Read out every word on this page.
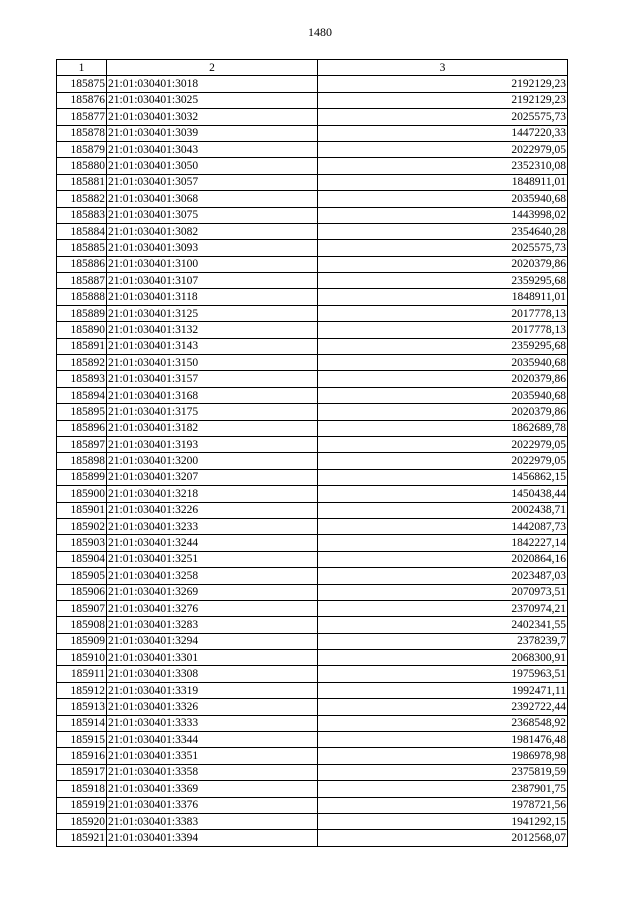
1480
1	2	3
185875	21:01:030401:3018	2192129,23
185876	21:01:030401:3025	2192129,23
185877	21:01:030401:3032	2025575,73
185878	21:01:030401:3039	1447220,33
185879	21:01:030401:3043	2022979,05
185880	21:01:030401:3050	2352310,08
185881	21:01:030401:3057	1848911,01
185882	21:01:030401:3068	2035940,68
185883	21:01:030401:3075	1443998,02
185884	21:01:030401:3082	2354640,28
185885	21:01:030401:3093	2025575,73
185886	21:01:030401:3100	2020379,86
185887	21:01:030401:3107	2359295,68
185888	21:01:030401:3118	1848911,01
185889	21:01:030401:3125	2017778,13
185890	21:01:030401:3132	2017778,13
185891	21:01:030401:3143	2359295,68
185892	21:01:030401:3150	2035940,68
185893	21:01:030401:3157	2020379,86
185894	21:01:030401:3168	2035940,68
185895	21:01:030401:3175	2020379,86
185896	21:01:030401:3182	1862689,78
185897	21:01:030401:3193	2022979,05
185898	21:01:030401:3200	2022979,05
185899	21:01:030401:3207	1456862,15
185900	21:01:030401:3218	1450438,44
185901	21:01:030401:3226	2002438,71
185902	21:01:030401:3233	1442087,73
185903	21:01:030401:3244	1842227,14
185904	21:01:030401:3251	2020864,16
185905	21:01:030401:3258	2023487,03
185906	21:01:030401:3269	2070973,51
185907	21:01:030401:3276	2370974,21
185908	21:01:030401:3283	2402341,55
185909	21:01:030401:3294	2378239,7
185910	21:01:030401:3301	2068300,91
185911	21:01:030401:3308	1975963,51
185912	21:01:030401:3319	1992471,11
185913	21:01:030401:3326	2392722,44
185914	21:01:030401:3333	2368548,92
185915	21:01:030401:3344	1981476,48
185916	21:01:030401:3351	1986978,98
185917	21:01:030401:3358	2375819,59
185918	21:01:030401:3369	2387901,75
185919	21:01:030401:3376	1978721,56
185920	21:01:030401:3383	1941292,15
185921	21:01:030401:3394	2012568,07
